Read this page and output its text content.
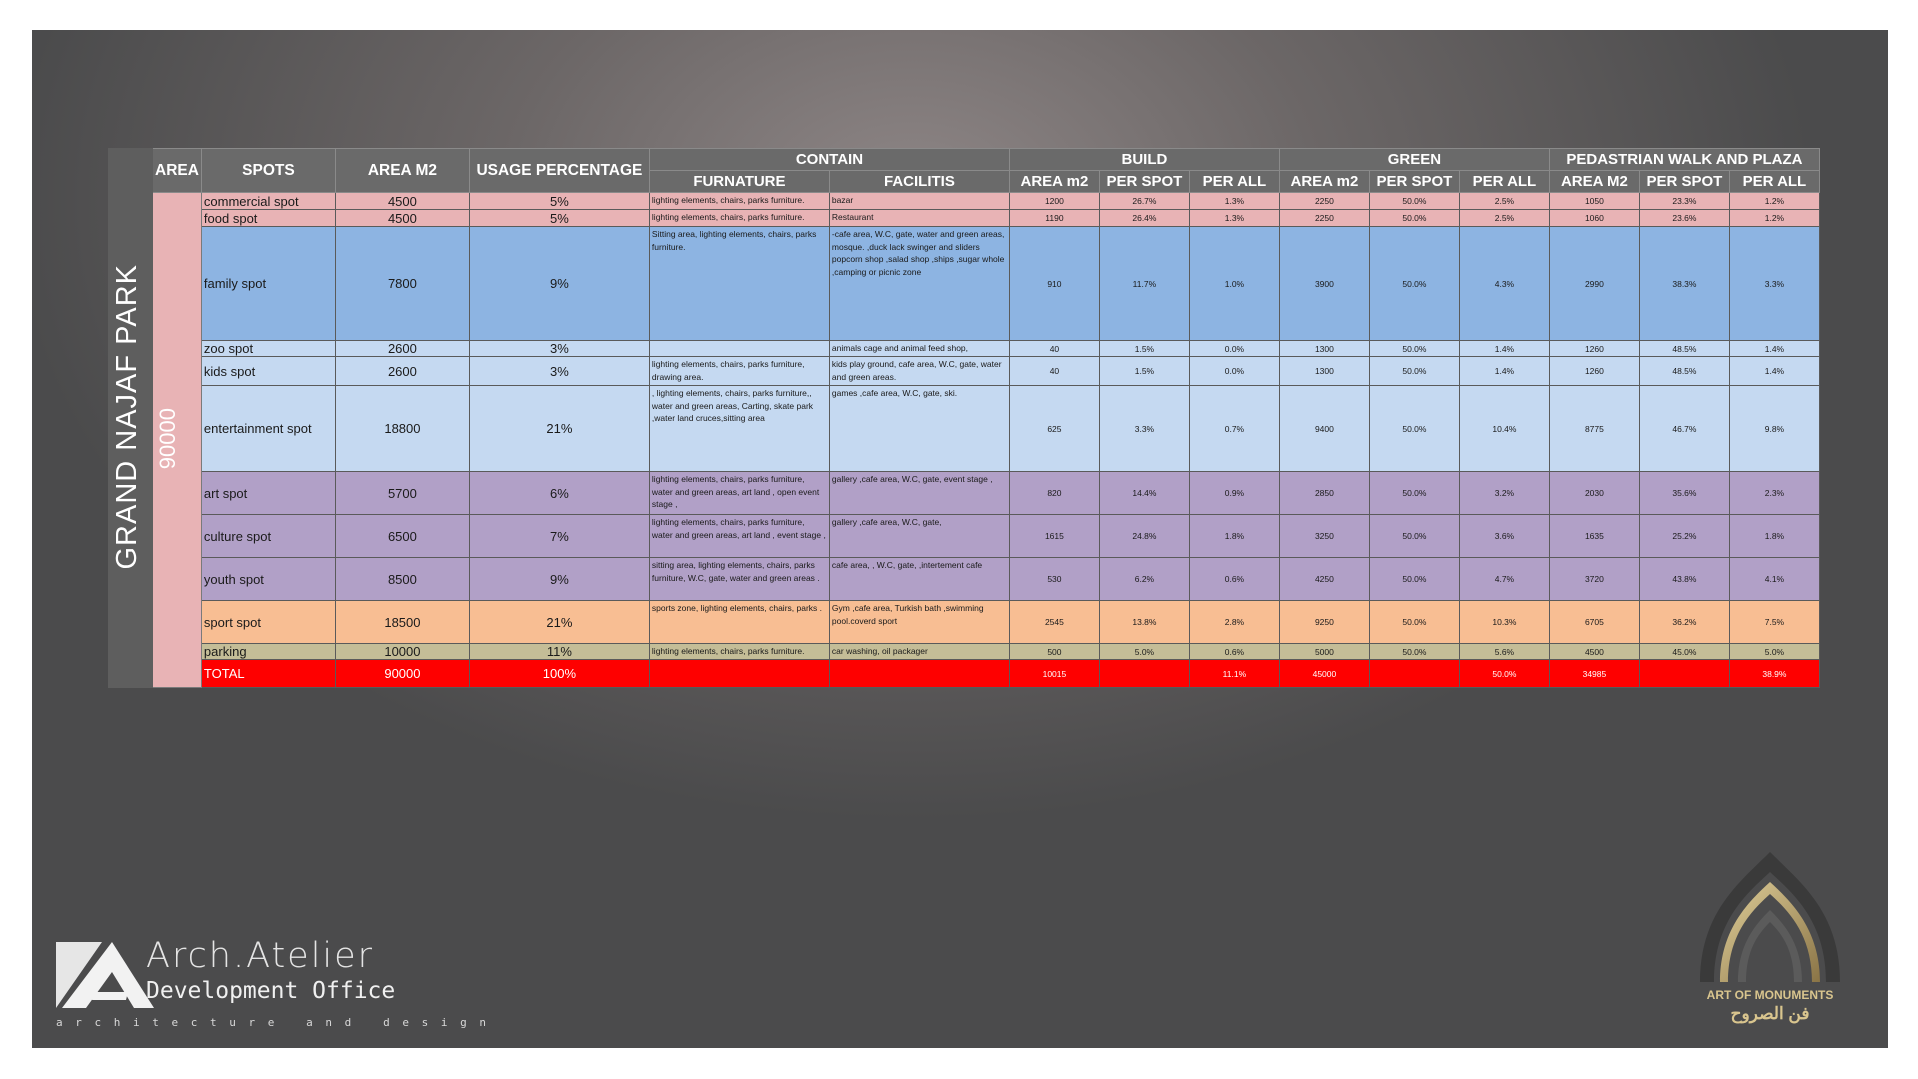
GRAND NAJAF PARK	AREA	SPOTS	AREA M2	USAGE PERCENTAGE	CONTAIN		BUILD			GREEN			PEDASTRIAN WALK AND PLAZA		
					FURNATURE	FACILITIS	AREA m2	PER SPOT	PER ALL	AREA m2	PER SPOT	PER ALL	AREA M2	PER SPOT	PER ALL
	90000	commercial spot	4500	5%	lighting elements, chairs, parks furniture.	bazar	1200	26.7%	1.3%	2250	50.0%	2.5%	1050	23.3%	1.2%
		food spot	4500	5%	lighting elements, chairs, parks furniture.	Restaurant	1190	26.4%	1.3%	2250	50.0%	2.5%	1060	23.6%	1.2%
		family spot	7800	9%	Sitting area, lighting elements, chairs, parks furniture.	-cafe area, W.C, gate, water and green areas, mosque. ,duck lack swinger and sliders popcorn shop ,salad shop ,ships ,sugar whole ,camping or picnic zone	910	11.7%	1.0%	3900	50.0%	4.3%	2990	38.3%	3.3%
		zoo spot	2600	3%		animals cage and animal feed shop,	40	1.5%	0.0%	1300	50.0%	1.4%	1260	48.5%	1.4%
		kids spot	2600	3%	lighting elements, chairs, parks furniture, drawing area.	kids play ground, cafe area, W.C, gate, water and green areas.	40	1.5%	0.0%	1300	50.0%	1.4%	1260	48.5%	1.4%
		entertainment spot	18800	21%	, lighting elements, chairs, parks furniture,, water and green areas, Carting, skate park ,water land cruces,sitting area	games ,cafe area, W.C, gate, ski.	625	3.3%	0.7%	9400	50.0%	10.4%	8775	46.7%	9.8%
		art spot	5700	6%	lighting elements, chairs, parks furniture, water and green areas, art land , open event stage ,	gallery ,cafe area, W.C, gate, event stage ,	820	14.4%	0.9%	2850	50.0%	3.2%	2030	35.6%	2.3%
		culture spot	6500	7%	lighting elements, chairs, parks furniture, water and green areas, art land , event stage ,	gallery ,cafe area, W.C, gate,	1615	24.8%	1.8%	3250	50.0%	3.6%	1635	25.2%	1.8%
		youth spot	8500	9%	sitting area, lighting elements, chairs, parks furniture, W.C, gate, water and green areas .	cafe area, , W.C, gate, ,intertement cafe	530	6.2%	0.6%	4250	50.0%	4.7%	3720	43.8%	4.1%
		sport spot	18500	21%	sports zone, lighting elements, chairs, parks .	Gym ,cafe area, Turkish bath ,swimming pool.coverd sport	2545	13.8%	2.8%	9250	50.0%	10.3%	6705	36.2%	7.5%
		parking	10000	11%	lighting elements, chairs, parks furniture.	car washing, oil packager	500	5.0%	0.6%	5000	50.0%	5.6%	4500	45.0%	5.0%
		TOTAL	90000	100%			10015		11.1%	45000		50.0%	34985		38.9%
Arch.Atelier
Development Office
a r c h i t e c t u r e   a n d   d e s i g n
ART OF MONUMENTS
فن الصروح
